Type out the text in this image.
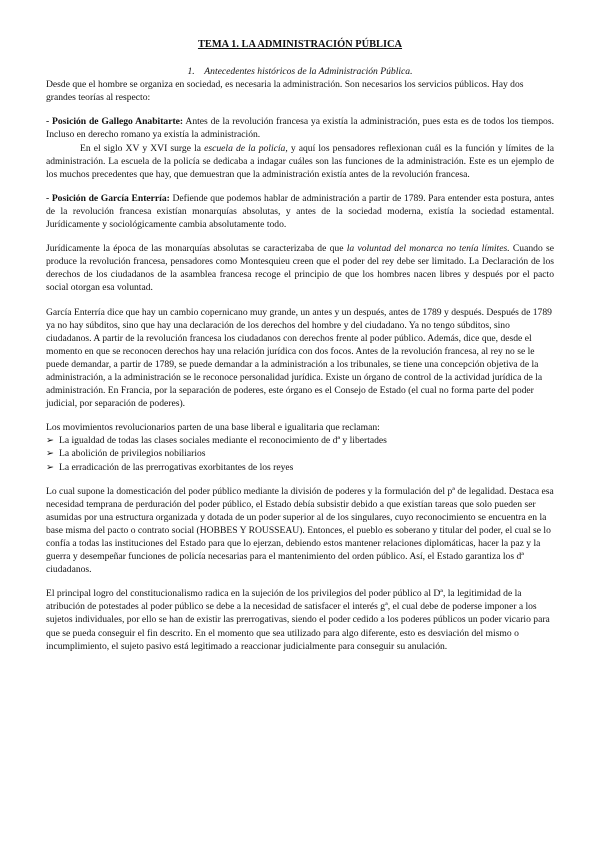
TEMA 1. LA ADMINISTRACIÓN PÚBLICA

1. Antecedentes históricos de la Administración Pública.

Desde que el hombre se organiza en sociedad, es necesaria la administración. Son necesarios los servicios públicos. Hay dos grandes teorías al respecto:

- Posición de Gallego Anabitarte: Antes de la revolución francesa ya existía la administración, pues esta es de todos los tiempos. Incluso en derecho romano ya existía la administración.

En el siglo XV y XVI surge la escuela de la policía, y aquí los pensadores reflexionan cuál es la función y límites de la administración. La escuela de la policía se dedicaba a indagar cuáles son las funciones de la administración. Este es un ejemplo de los muchos precedentes que hay, que demuestran que la administración existía antes de la revolución francesa.

- Posición de García Enterría: Defiende que podemos hablar de administración a partir de 1789. Para entender esta postura, antes de la revolución francesa existían monarquías absolutas, y antes de la sociedad moderna, existía la sociedad estamental. Jurídicamente y sociológicamente cambia absolutamente todo.

Jurídicamente la época de las monarquías absolutas se caracterizaba de que la voluntad del monarca no tenía límites. Cuando se produce la revolución francesa, pensadores como Montesquieu creen que el poder del rey debe ser limitado. La Declaración de los derechos de los ciudadanos de la asamblea francesa recoge el principio de que los hombres nacen libres y después por el pacto social otorgan esa voluntad.

García Enterría dice que hay un cambio copernicano muy grande, un antes y un después, antes de 1789 y después. Después de 1789 ya no hay súbditos, sino que hay una declaración de los derechos del hombre y del ciudadano. Ya no tengo súbditos, sino ciudadanos. A partir de la revolución francesa los ciudadanos con derechos frente al poder público. Además, dice que, desde el momento en que se reconocen derechos hay una relación jurídica con dos focos. Antes de la revolución francesa, al rey no se le puede demandar, a partir de 1789, se puede demandar a la administración a los tribunales, se tiene una concepción objetiva de la administración, a la administración se le reconoce personalidad jurídica. Existe un órgano de control de la actividad jurídica de la administración. En Francia, por la separación de poderes, este órgano es el Consejo de Estado (el cual no forma parte del poder judicial, por separación de poderes).

Los movimientos revolucionarios parten de una base liberal e igualitaria que reclaman:

➢ La igualdad de todas las clases sociales mediante el reconocimiento de dª y libertades
➢ La abolición de privilegios nobiliarios
➢ La erradicación de las prerrogativas exorbitantes de los reyes

Lo cual supone la domesticación del poder público mediante la división de poderes y la formulación del pª de legalidad. Destaca esa necesidad temprana de perduración del poder público, el Estado debía subsistir debido a que existían tareas que solo pueden ser asumidas por una estructura organizada y dotada de un poder superior al de los singulares, cuyo reconocimiento se encuentra en la base misma del pacto o contrato social (HOBBES Y ROUSSEAU). Entonces, el pueblo es soberano y titular del poder, el cual se lo confía a todas las instituciones del Estado para que lo ejerzan, debiendo estos mantener relaciones diplomáticas, hacer la paz y la guerra y desempeñar funciones de policía necesarias para el mantenimiento del orden público. Así, el Estado garantiza los dª ciudadanos.

El principal logro del constitucionalismo radica en la sujeción de los privilegios del poder público al Dª, la legitimidad de la atribución de potestades al poder público se debe a la necesidad de satisfacer el interés gª, el cual debe de poderse imponer a los sujetos individuales, por ello se han de existir las prerrogativas, siendo el poder cedido a los poderes públicos un poder vicario para que se pueda conseguir el fin descrito. En el momento que sea utilizado para algo diferente, esto es desviación del mismo o incumplimiento, el sujeto pasivo está legitimado a reaccionar judicialmente para conseguir su anulación.
